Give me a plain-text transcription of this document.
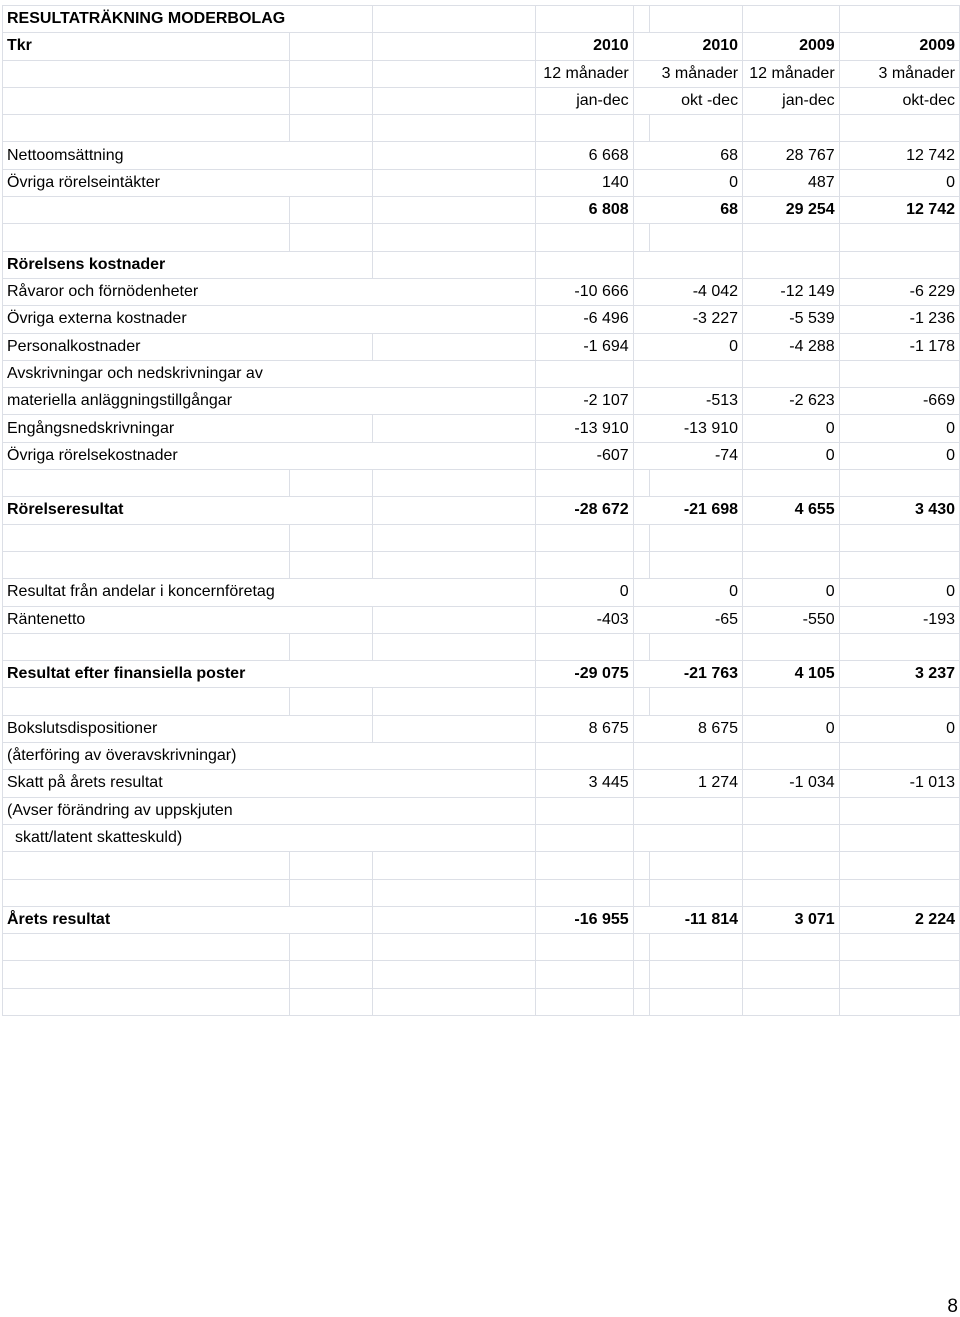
RESULTATRÄKNING MODERBOLAG							
Tkr			2010	2010		2009	2009
			12 månader	3 månader		12 månader	3 månader
			jan-dec	okt -dec		jan-dec	okt-dec

Nettoomsättning			6 668	68		28 767	12 742
Övriga rörelseintäkter			140	0		487	0
			6 808	68		29 254	12 742

Rörelsens kostnader							
Råvaror och förnödenheter			-10 666	-4 042		-12 149	-6 229
Övriga externa kostnader			-6 496	-3 227		-5 539	-1 236
Personalkostnader			-1 694	0		-4 288	-1 178
Avskrivningar och nedskrivningar av							
materiella anläggningstillgångar			-2 107	-513		-2 623	-669
Engångsnedskrivningar			-13 910	-13 910		0	0
Övriga rörelsekostnader			-607	-74		0	0

Rörelseresultat			-28 672	-21 698		4 655	3 430

Resultat från andelar i koncernföretag			0	0		0	0
Räntenetto			-403	-65		-550	-193

Resultat efter finansiella poster			-29 075	-21 763		4 105	3 237

Bokslutsdispositioner			8 675	8 675		0	0
(återföring av överavskrivningar)							
Skatt på årets resultat			3 445	1 274		-1 034	-1 013
(Avser förändring av uppskjuten							
skatt/latent skatteskuld)							

Årets resultat			-16 955	-11 814		3 071	2 224

8
